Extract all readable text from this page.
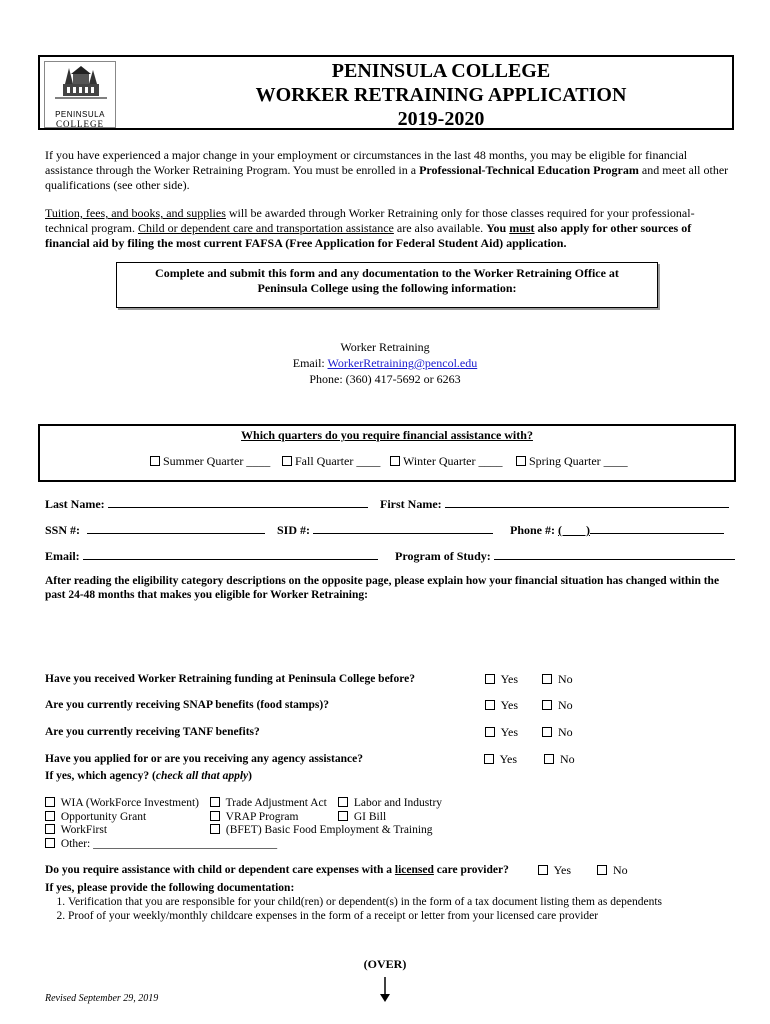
PENINSULA
COLLEGE
PENINSULA COLLEGE
WORKER RETRAINING APPLICATION
2019-2020

If you have experienced a major change in your employment or circumstances in the last 48 months, you may be eligible for financial assistance through the Worker Retraining Program. You must be enrolled in a Professional-Technical Education Program and meet all other qualifications (see other side).

Tuition, fees, and books, and supplies will be awarded through Worker Retraining only for those classes required for your professional-technical program. Child or dependent care and transportation assistance are also available. You must also apply for other sources of financial aid by filing the most current FAFSA (Free Application for Federal Student Aid) application.

Complete and submit this form and any documentation to the Worker Retraining Office at
Peninsula College using the following information:
Worker Retraining
Email: WorkerRetraining@pencol.edu
Phone: (360) 417-5692 or 6263
Which quarters do you require financial assistance with?
Summer Quarter ____	Fall Quarter ____	Winter Quarter ____	Spring Quarter ____
Last Name:	First Name:
SSN #:	SID #:	Phone #: (        )
Email:	Program of Study:
After reading the eligibility category descriptions on the opposite page, please explain how your financial situation has changed within the past 24-48 months that makes you eligible for Worker Retraining:
Have you received Worker Retraining funding at Peninsula College before?	Yes	No
Are you currently receiving SNAP benefits (food stamps)?	Yes	No
Are you currently receiving TANF benefits?	Yes	No
Have you applied for or are you receiving any agency assistance?	Yes	No
If yes, which agency? (check all that apply)
WIA (WorkForce Investment)
Opportunity Grant
WorkFirst
Other: ________________________________
Trade Adjustment Act
VRAP Program
(BFET) Basic Food Employment & Training
Labor and Industry
GI Bill
Do you require assistance with child or dependent care expenses with a licensed care provider?	Yes	No
If yes, please provide the following documentation:
1. Verification that you are responsible for your child(ren) or dependent(s) in the form of a tax document listing them as dependents
2. Proof of your weekly/monthly childcare expenses in the form of a receipt or letter from your licensed care provider
(OVER)
Revised September 29, 2019
